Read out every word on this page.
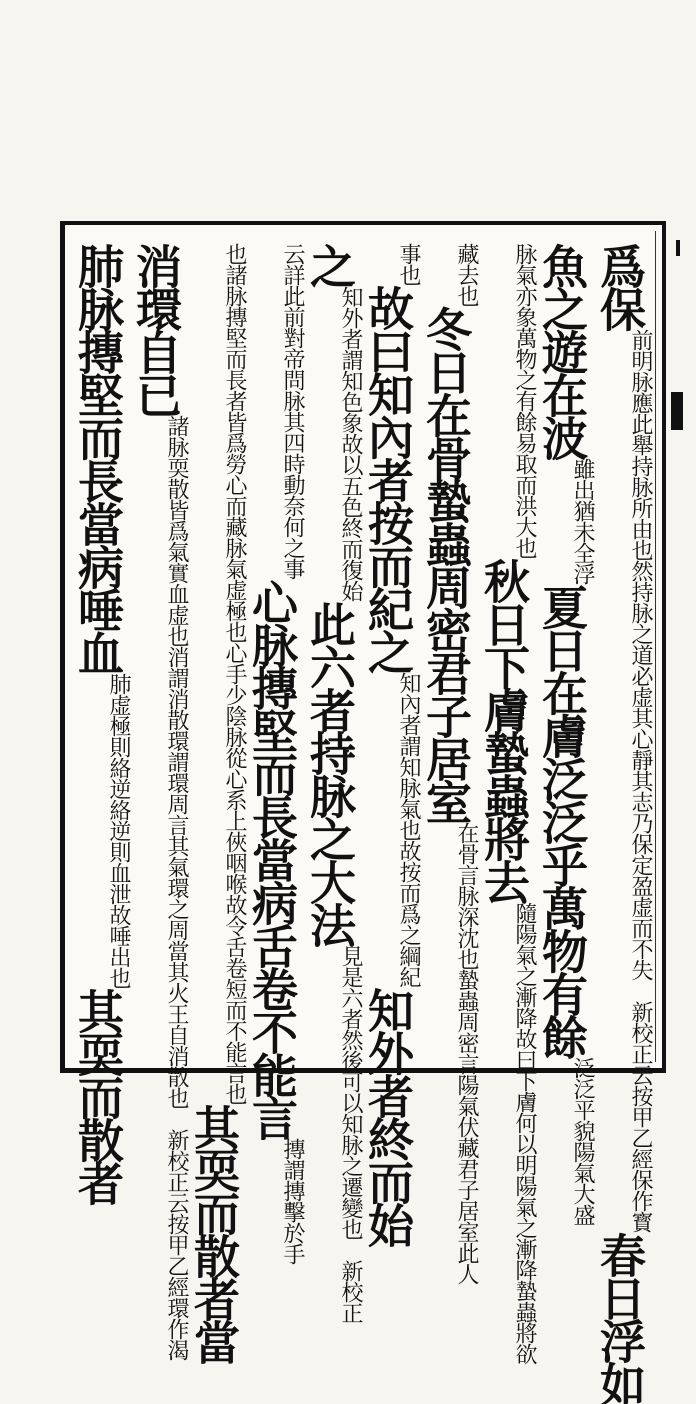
爲保
前明脉應此舉持脉所由也然持脉之道必虚其心靜其
志乃保定盈虚而不失　新校正云按甲乙經保作寳
春日浮如
魚之遊在波
雖出猶
未全浮
夏日在膚泛泛乎萬物有餘
泛泛平貌
陽氣大盛
脉氣亦象萬物之有
餘易取而洪大也
秋日下膚蟄蟲將去
隨陽氣之漸降故曰下膚何
以明陽氣之漸降蟄蟲將欲
藏去
也
冬日在骨蟄蟲周密君子居室
在骨言脉深沈也蟄蟲周密
言陽氣伏藏君子居室此人
事
也
故曰知內者按而紀之
知內者謂知脉氣也
故按而爲之綱紀
知外者終而始
之
知外者謂知色象故
以五色終而復始
此六者持脉之大法
見是六者然後可以知
脉之遷變也　新校正
云詳此前對帝問脉
其四時動奈何之事
心脉摶堅而長當病舌卷不能言
摶謂摶
擊於手
也諸脉摶堅而長者皆爲勞心而藏脉氣虚極也心手
少陰脉從心系上俠咽喉故令舌卷短而不能言也
其耎而散者當
消環自已
諸脉耎散皆爲氣實血虚也消謂消散環謂環周言其氣
環之周當其火王自消散也　新校正云按甲乙經環作渴
肺脉摶堅而長當病唾血
肺虚極則絡逆絡逆
則血泄故唾出也
其耎而散者
